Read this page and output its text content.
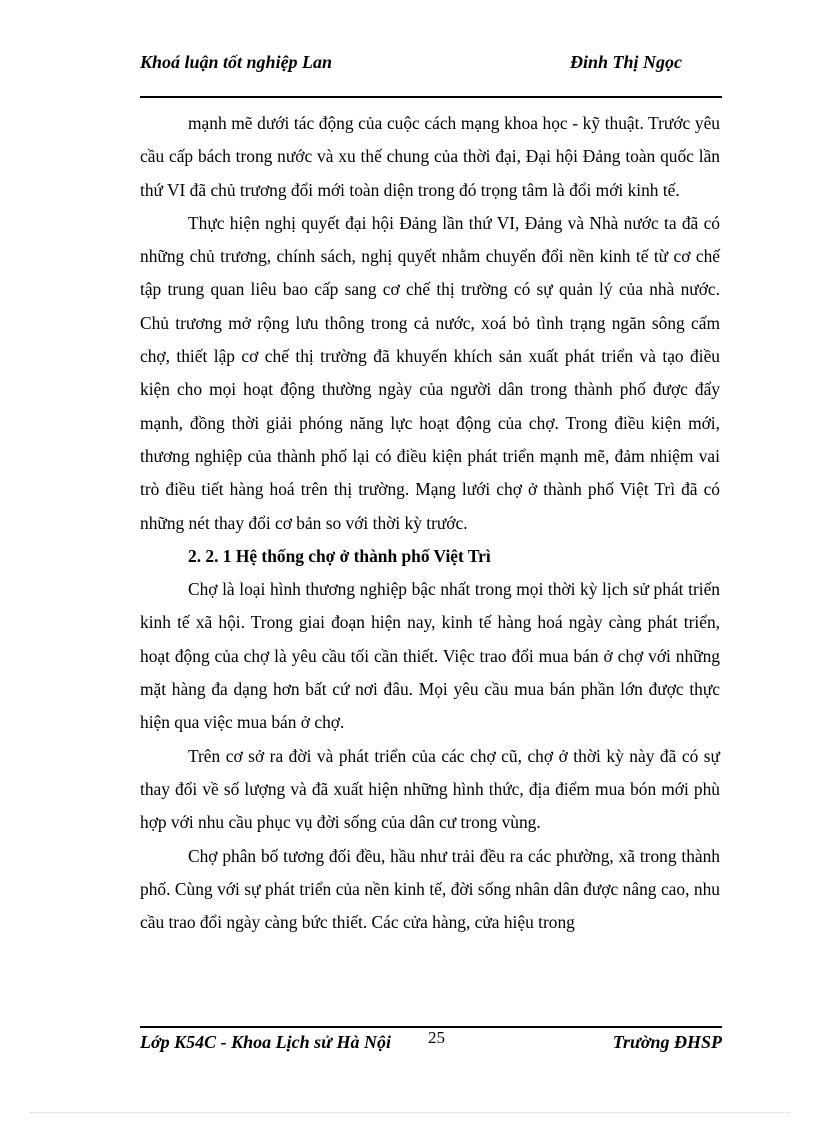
Khoá luận tốt nghiệp Lan	Đinh Thị Ngọc

mạnh mẽ dưới tác động của cuộc cách mạng khoa học - kỹ thuật. Trước yêu cầu cấp bách trong nước và xu thế chung của thời đại, Đại hội Đảng toàn quốc lần thứ VI đã chủ trương đổi mới toàn diện trong đó trọng tâm là đổi mới kinh tế.

Thực hiện nghị quyết đại hội Đảng lần thứ VI, Đảng và Nhà nước ta đã có những chủ trương, chính sách, nghị quyết nhằm chuyển đổi nền kinh tế từ cơ chế tập trung quan liêu bao cấp sang cơ chế thị trường có sự quản lý của nhà nước. Chủ trương mở rộng lưu thông trong cả nước, xoá bỏ tình trạng ngăn sông cấm chợ, thiết lập cơ chế thị trường đã khuyến khích sản xuất phát triển và tạo điều kiện cho mọi hoạt động thường ngày của người dân trong thành phố được đẩy mạnh, đồng thời giải phóng năng lực hoạt động của chợ. Trong điều kiện mới, thương nghiệp của thành phố lại có điều kiện phát triển mạnh mẽ, đảm nhiệm vai trò điều tiết hàng hoá trên thị trường. Mạng lưới chợ ở thành phố Việt Trì đã có những nét thay đổi cơ bản so với thời kỳ trước.

2. 2. 1 Hệ thống chợ ở thành phố Việt Trì

Chợ là loại hình thương nghiệp bậc nhất trong mọi thời kỳ lịch sử phát triển kinh tế xã hội. Trong giai đoạn hiện nay, kinh tế hàng hoá ngày càng phát triển, hoạt động của chợ là yêu cầu tối cần thiết. Việc trao đổi mua bán ở chợ với những mặt hàng đa dạng hơn bất cứ nơi đâu. Mọi yêu cầu mua bán phần lớn được thực hiện qua việc mua bán ở chợ.

Trên cơ sở ra đời và phát triển của các chợ cũ, chợ ở thời kỳ này đã có sự thay đổi về số lượng và đã xuất hiện những hình thức, địa điểm mua bón mới phù hợp với nhu cầu phục vụ đời sống của dân cư trong vùng.

Chợ phân bố tương đối đều, hầu như trải đều ra các phường, xã trong thành phố. Cùng với sự phát triển của nền kinh tế, đời sống nhân dân được nâng cao, nhu cầu trao đổi ngày càng bức thiết. Các cửa hàng, cửa hiệu trong

Lớp K54C - Khoa Lịch sử Hà Nội	25	Trường ĐHSP
